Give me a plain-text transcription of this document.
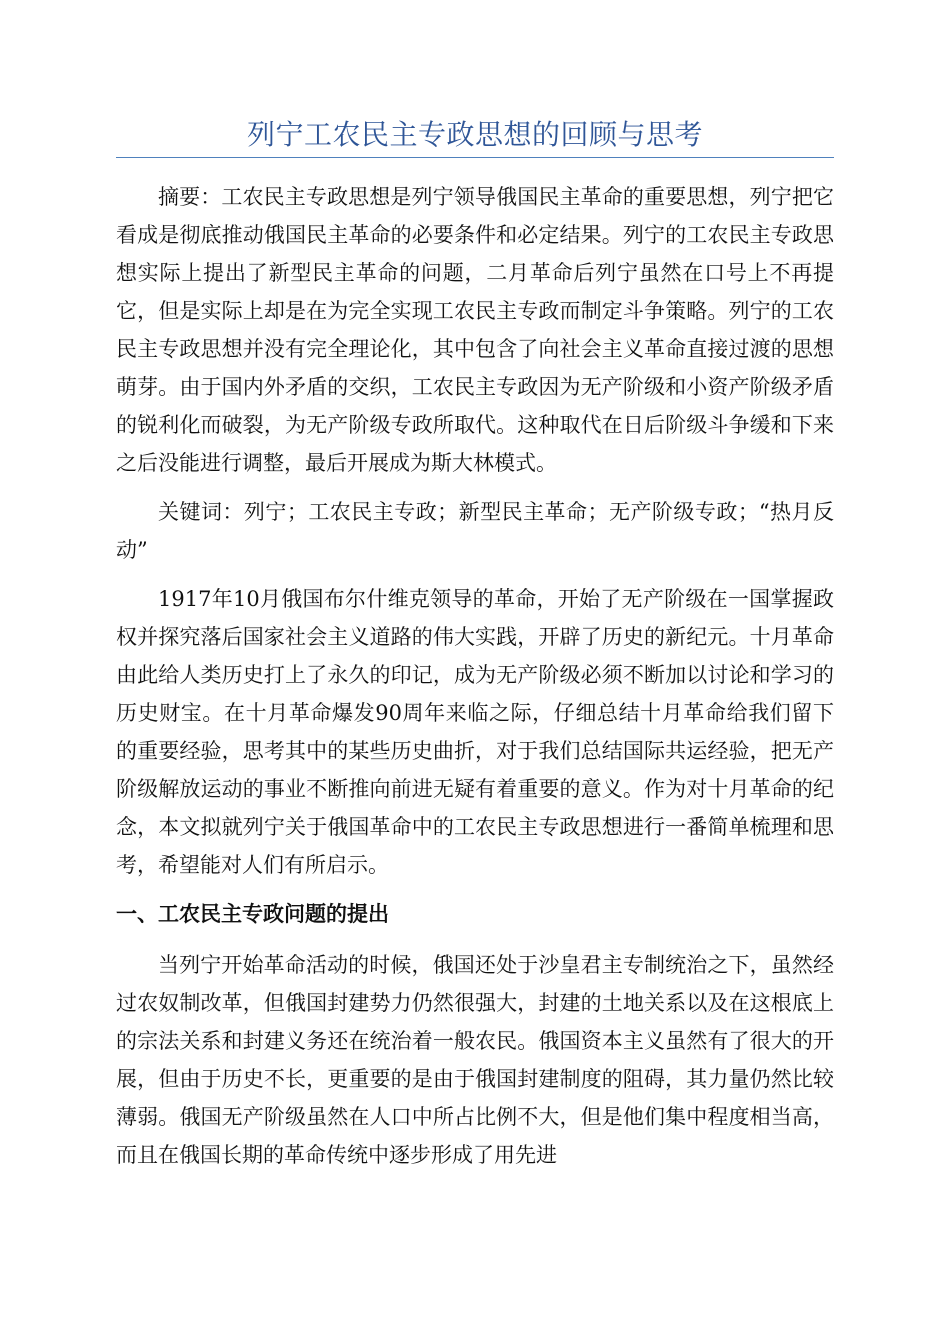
列宁工农民主专政思想的回顾与思考

摘要：工农民主专政思想是列宁领导俄国民主革命的重要思想，列宁把它看成是彻底推动俄国民主革命的必要条件和必定结果。列宁的工农民主专政思想实际上提出了新型民主革命的问题，二月革命后列宁虽然在口号上不再提它，但是实际上却是在为完全实现工农民主专政而制定斗争策略。列宁的工农民主专政思想并没有完全理论化，其中包含了向社会主义革命直接过渡的思想萌芽。由于国内外矛盾的交织，工农民主专政因为无产阶级和小资产阶级矛盾的锐利化而破裂，为无产阶级专政所取代。这种取代在日后阶级斗争缓和下来之后没能进行调整，最后开展成为斯大林模式。

关键词：列宁；工农民主专政；新型民主革命；无产阶级专政；“热月反动”

1917年10月俄国布尔什维克领导的革命，开始了无产阶级在一国掌握政权并探究落后国家社会主义道路的伟大实践，开辟了历史的新纪元。十月革命由此给人类历史打上了永久的印记，成为无产阶级必须不断加以讨论和学习的历史财宝。在十月革命爆发90周年来临之际，仔细总结十月革命给我们留下的重要经验，思考其中的某些历史曲折，对于我们总结国际共运经验，把无产阶级解放运动的事业不断推向前进无疑有着重要的意义。作为对十月革命的纪念，本文拟就列宁关于俄国革命中的工农民主专政思想进行一番简单梳理和思考，希望能对人们有所启示。

一、工农民主专政问题的提出

当列宁开始革命活动的时候，俄国还处于沙皇君主专制统治之下，虽然经过农奴制改革，但俄国封建势力仍然很强大，封建的土地关系以及在这根底上的宗法关系和封建义务还在统治着一般农民。俄国资本主义虽然有了很大的开展，但由于历史不长，更重要的是由于俄国封建制度的阻碍，其力量仍然比较薄弱。俄国无产阶级虽然在人口中所占比例不大，但是他们集中程度相当高，而且在俄国长期的革命传统中逐步形成了用先进
